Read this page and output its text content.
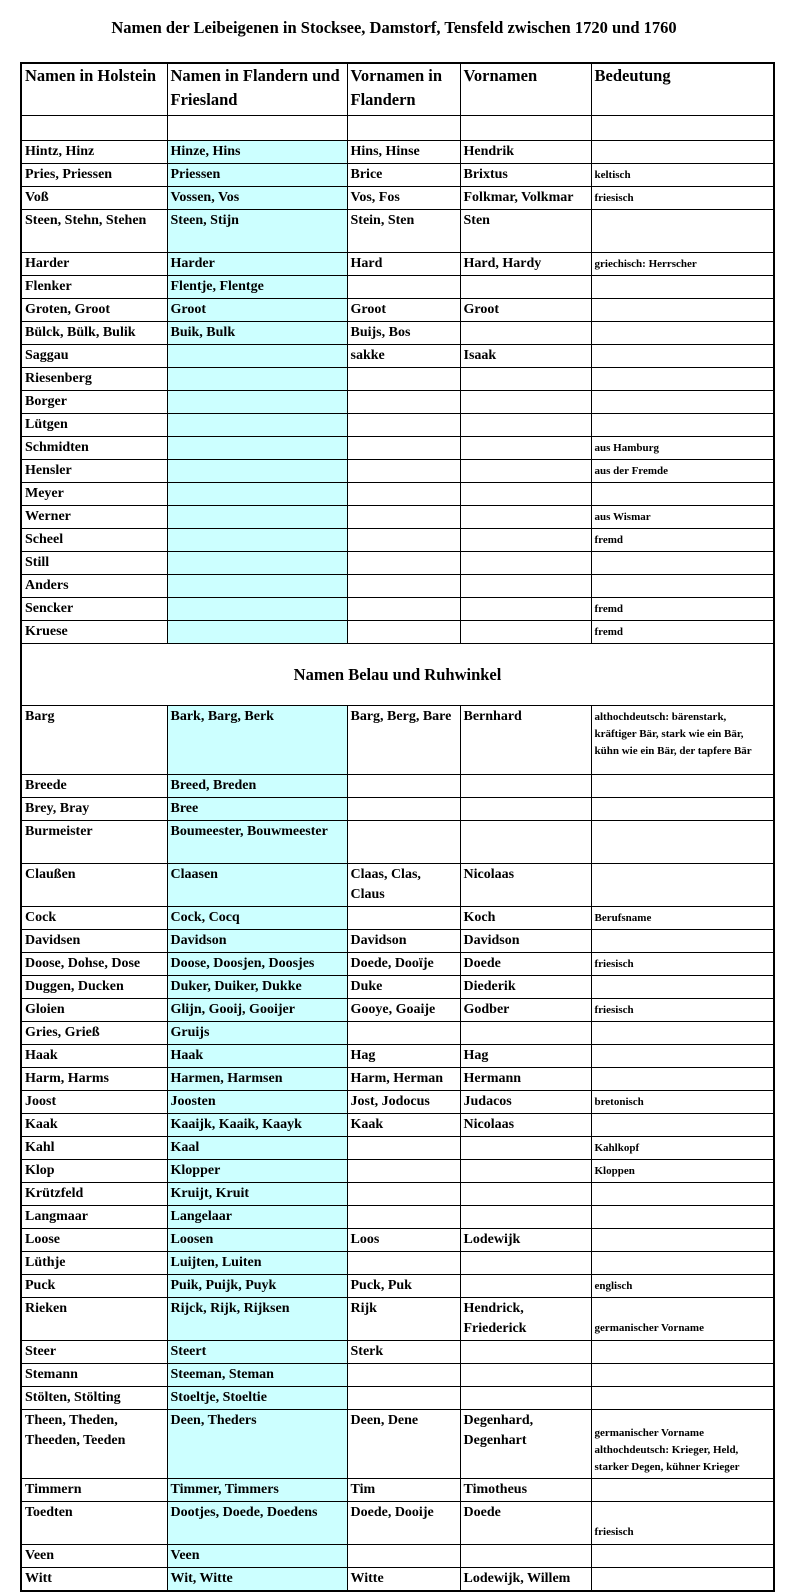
Namen der Leibeigenen in Stocksee, Damstorf, Tensfeld zwischen 1720 und 1760
Namen in Holstein	Namen in Flandern und Friesland	Vornamen in Flandern	Vornamen	Bedeutung

Hintz, Hinz	Hinze, Hins	Hins, Hinse	Hendrik	

Pries, Priessen	Priessen	Brice	Brixtus	keltisch

Voß	Vossen, Vos	Vos, Fos	Folkmar, Volkmar	friesisch

Steen, Stehn, Stehen	Steen, Stijn	Stein, Sten	Sten	

Harder	Harder	Hard	Hard, Hardy	griechisch: Herrscher

Flenker	Flentje, Flentge			

Groten, Groot	Groot	Groot	Groot	

Bülck, Bülk, Bulik	Buik, Bulk	Buijs, Bos		

Saggau		sakke	Isaak	

Riesenberg				

Borger				

Lütgen				

Schmidten				aus Hamburg

Hensler				aus der Fremde

Meyer				

Werner				aus Wismar

Scheel				fremd

Still				

Anders				

Sencker				fremd

Kruese				fremd

Namen Belau und Ruhwinkel				
Barg	Bark, Barg, Berk	Barg, Berg, Bare	Bernhard	althochdeutsch: bärenstark, kräftiger Bär, stark wie ein Bär, kühn wie ein Bär, der tapfere Bär

Breede	Breed, Breden			

Brey, Bray	Bree			

Burmeister	Boumeester, Bouwmeester			

Claußen	Claasen	Claas, Clas, Claus	Nicolaas	

Cock	Cock, Cocq		Koch	Berufsname

Davidsen	Davidson	Davidson	Davidson	

Doose, Dohse, Dose	Doose, Doosjen, Doosjes	Doede, Dooïje	Doede	friesisch

Duggen, Ducken	Duker, Duiker, Dukke	Duke	Diederik	

Gloien	Glijn, Gooij, Gooijer	Gooye, Goaije	Godber	friesisch

Gries, Grieß	Gruijs			

Haak	Haak	Hag	Hag	

Harm, Harms	Harmen, Harmsen	Harm, Herman	Hermann	

Joost	Joosten	Jost, Jodocus	Judacos	bretonisch

Kaak	Kaaijk, Kaaik, Kaayk	Kaak	Nicolaas	

Kahl	Kaal			Kahlkopf

Klop	Klopper			Kloppen

Krützfeld	Kruijt, Kruit			

Langmaar	Langelaar			

Loose	Loosen	Loos	Lodewijk	

Lüthje	Luijten, Luiten			

Puck	Puik, Puijk, Puyk	Puck, Puk		englisch

Rieken	Rijck, Rijk, Rijksen	Rijk	Hendrick, Friederick	germanischer Vorname

Steer	Steert	Sterk		

Stemann	Steeman, Steman			

Stölten, Stölting	Stoeltje, Stoeltie			

Theen, Theden, Theeden, Teeden	Deen, Theders	Deen, Dene	Degenhard, Degenhart	germanischer Vorname althochdeutsch: Krieger, Held, starker Degen, kühner Krieger

Timmern	Timmer, Timmers	Tim	Timotheus	

Toedten	Dootjes, Doede, Doedens	Doede, Dooije	Doede	friesisch

Veen	Veen			

Witt	Wit, Witte	Witte	Lodewijk, Willem	
